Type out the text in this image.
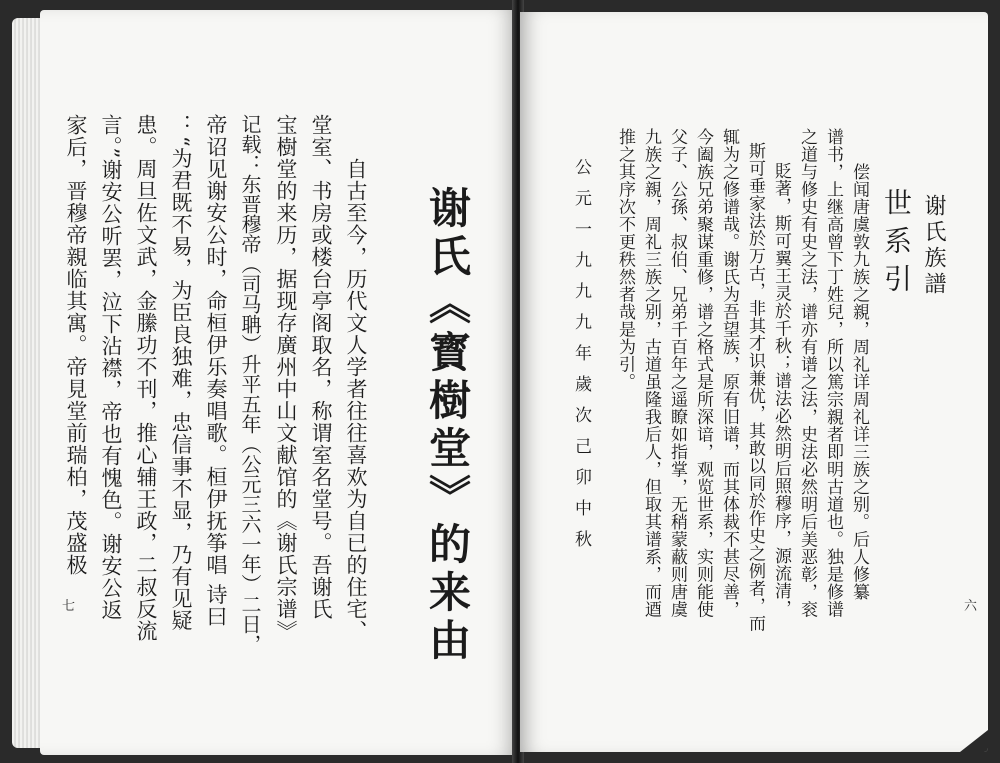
谢氏《寳樹堂》的来由
自古至今，历代文人学者往往喜欢为自已的住宅、
堂室、书房或楼台亭阁取名，称谓室名堂号。吾谢氏
宝樹堂的来历，据现存廣州中山文献馆的《谢氏宗谱》
记载：东晋穆帝（司马聃）升平五年（公元三六一年）二日，
帝诏见谢安公时，命桓伊乐奏唱歌。桓伊抚筝唱 诗曰
：“为君既不易，为臣良独难，忠信事不显，乃有见疑
患。周旦佐文武，金縢功不刊，推心辅王政，二叔反流
言。”谢安公听罢，泣下沾襟，帝也有愧色。谢安公返
家后，晋穆帝親临其寓。帝見堂前瑞柏，茂盛极
七
谢氏族譜
世系引
　　偿闻唐虞敦九族之親，周礼详周礼详三族之别。后人修纂
谱书，上继高曾下丁姓兒，所以篤宗親者即明古道也。独是修谱
之道与修史有史之法，谱亦有谱之法，史法必然明后美恶彰，衮
貶著，斯可翼王灵於千秋；谱法必然明后照穆序，源流清，
斯可垂家法於万古，非其才识兼优，其敢以同於作史之例者，而
辄为之修谱哉。谢氏为吾望族，原有旧谱，而其体裁不甚尽善，
今阖族兄弟聚谋重修，谱之格式是所深谙，观览世系，实则能使
父子、公孫、叔伯、兄弟千百年之遥瞭如指掌，无稍蒙蔽则唐虞
九族之親，周礼三族之别，古道虽隆我后人，但取其谱系，而逎
推之其序次不更秩然者哉是为引。
公元一九九九年歲次己卯中秋
六
